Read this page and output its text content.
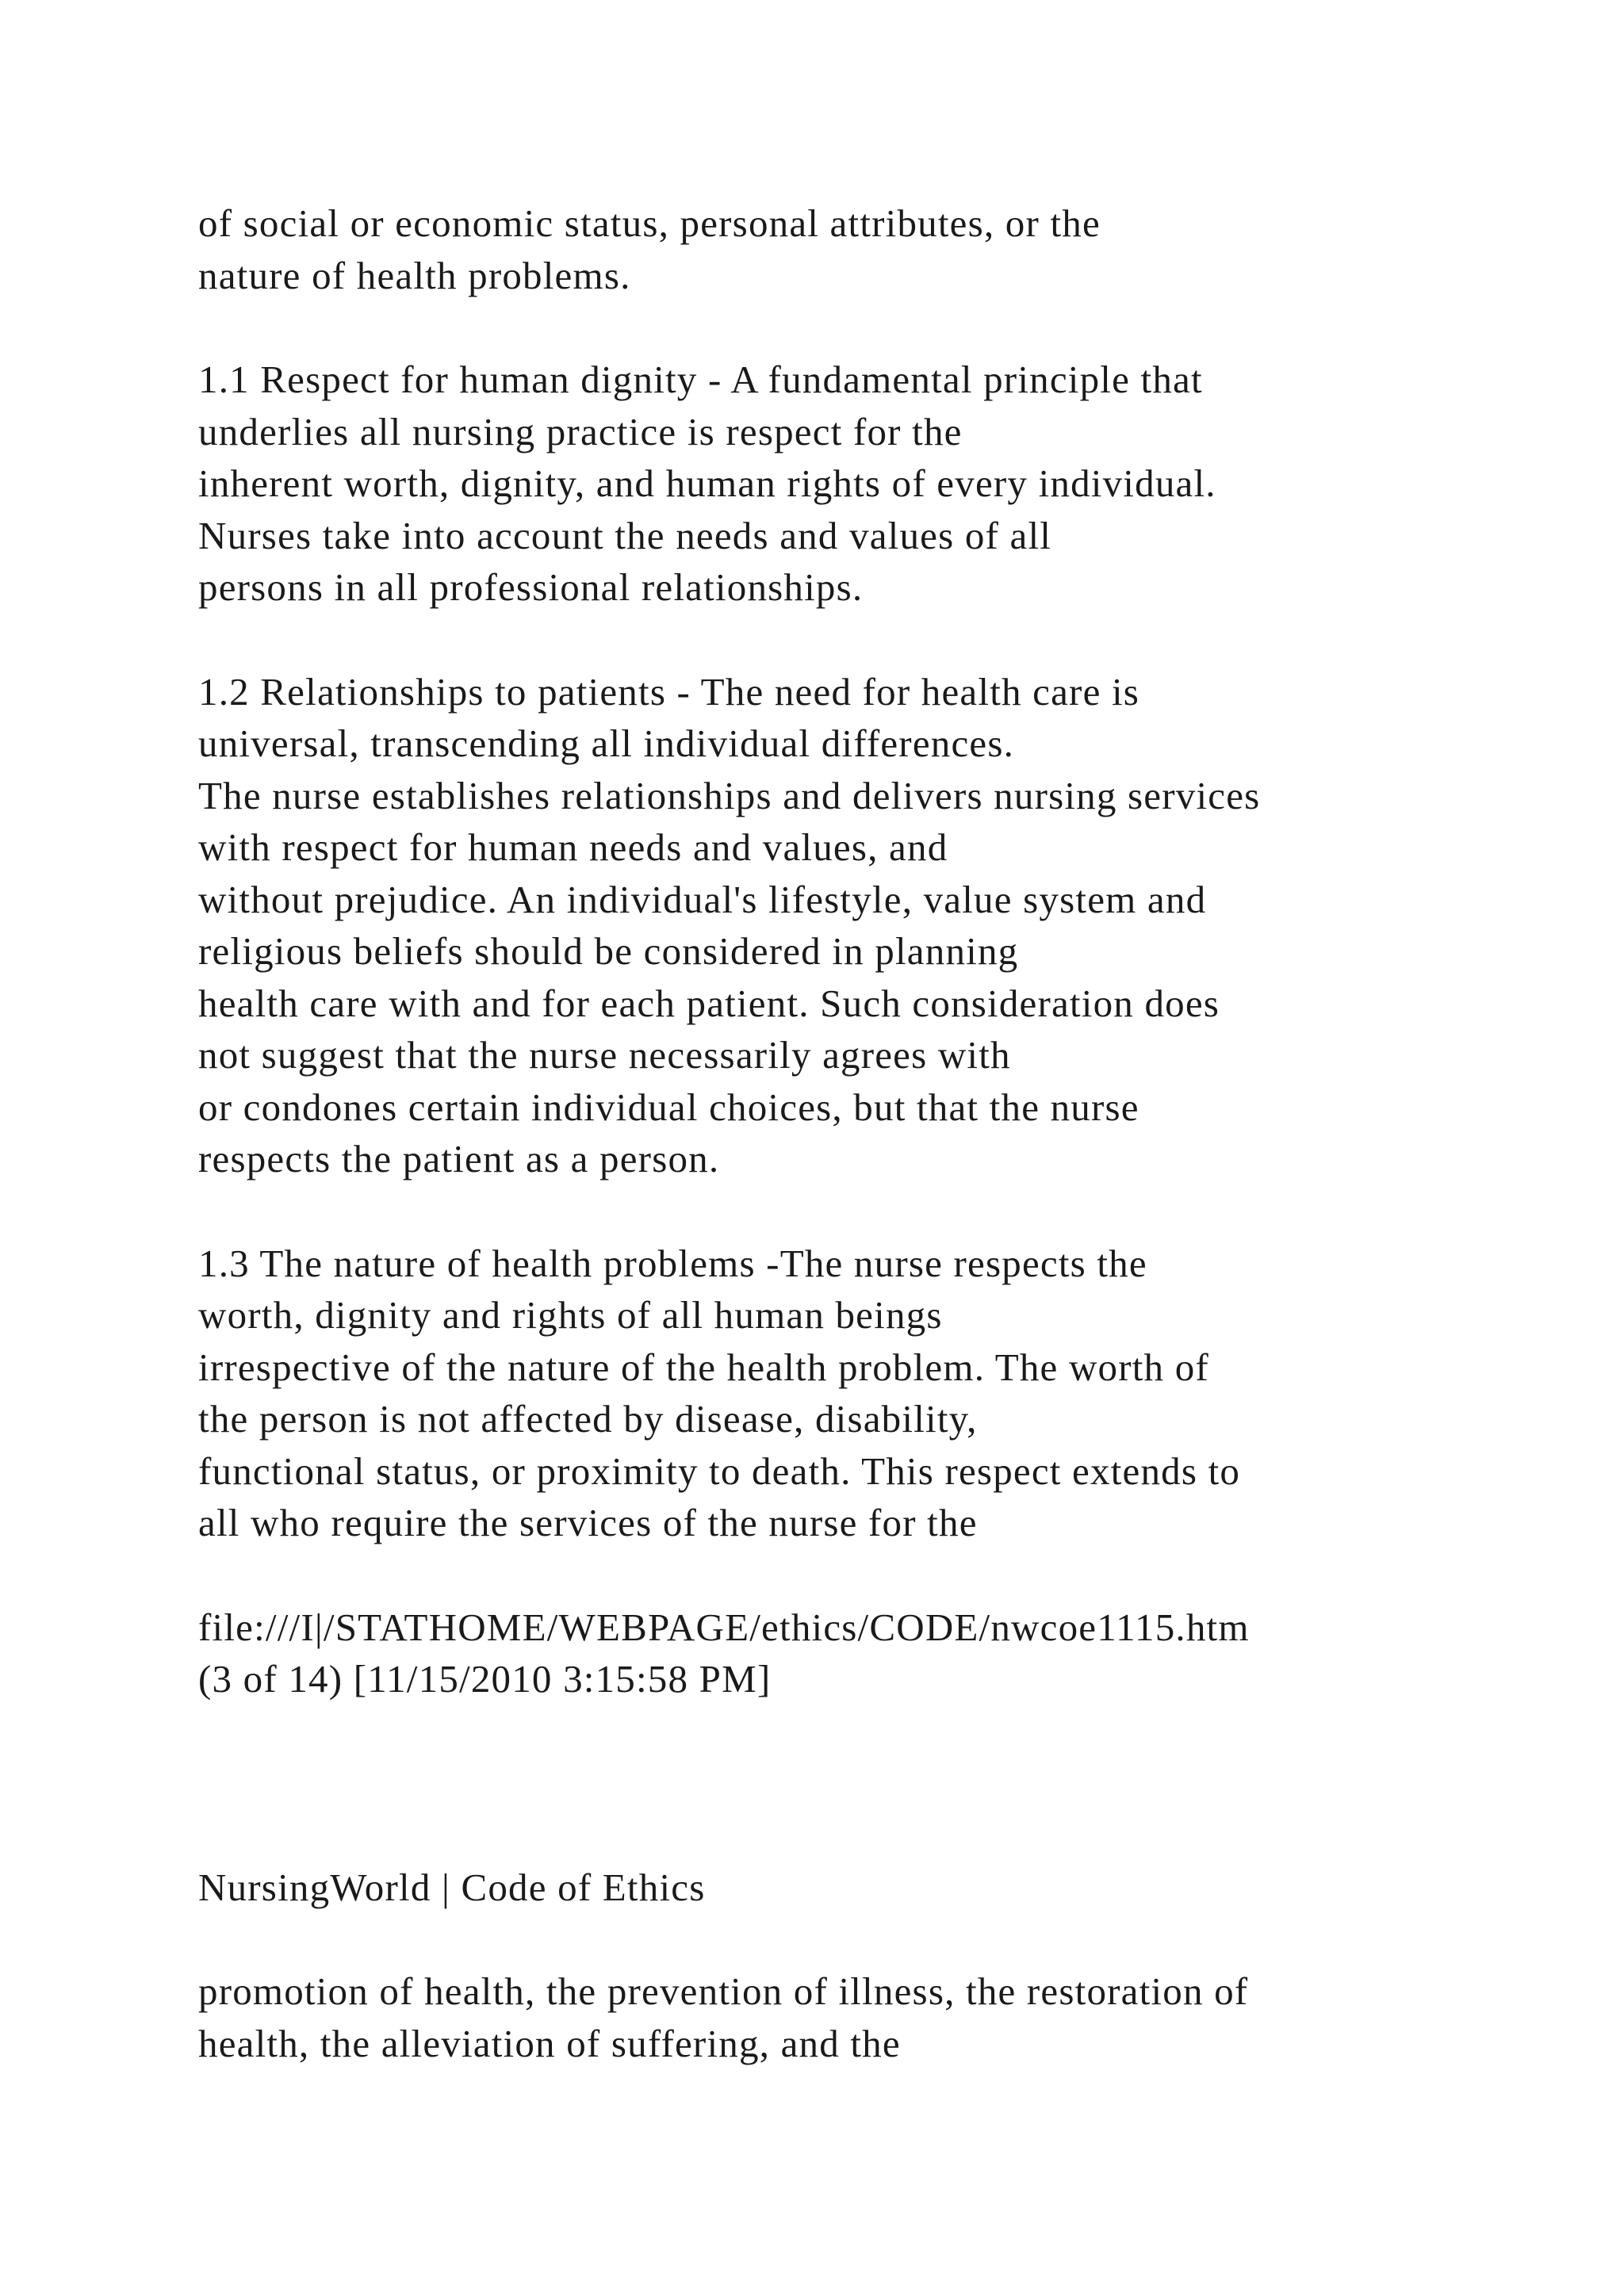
of social or economic status, personal attributes, or the
nature of health problems.
1.1 Respect for human dignity - A fundamental principle that
underlies all nursing practice is respect for the
inherent worth, dignity, and human rights of every individual.
Nurses take into account the needs and values of all
persons in all professional relationships.
1.2 Relationships to patients - The need for health care is
universal, transcending all individual differences.
The nurse establishes relationships and delivers nursing services
with respect for human needs and values, and
without prejudice. An individual's lifestyle, value system and
religious beliefs should be considered in planning
health care with and for each patient. Such consideration does
not suggest that the nurse necessarily agrees with
or condones certain individual choices, but that the nurse
respects the patient as a person.
1.3 The nature of health problems -The nurse respects the
worth, dignity and rights of all human beings
irrespective of the nature of the health problem. The worth of
the person is not affected by disease, disability,
functional status, or proximity to death. This respect extends to
all who require the services of the nurse for the
file:///I|/STATHOME/WEBPAGE/ethics/CODE/nwcoe1115.htm
(3 of 14) [11/15/2010 3:15:58 PM]
NursingWorld | Code of Ethics
promotion of health, the prevention of illness, the restoration of
health, the alleviation of suffering, and the
